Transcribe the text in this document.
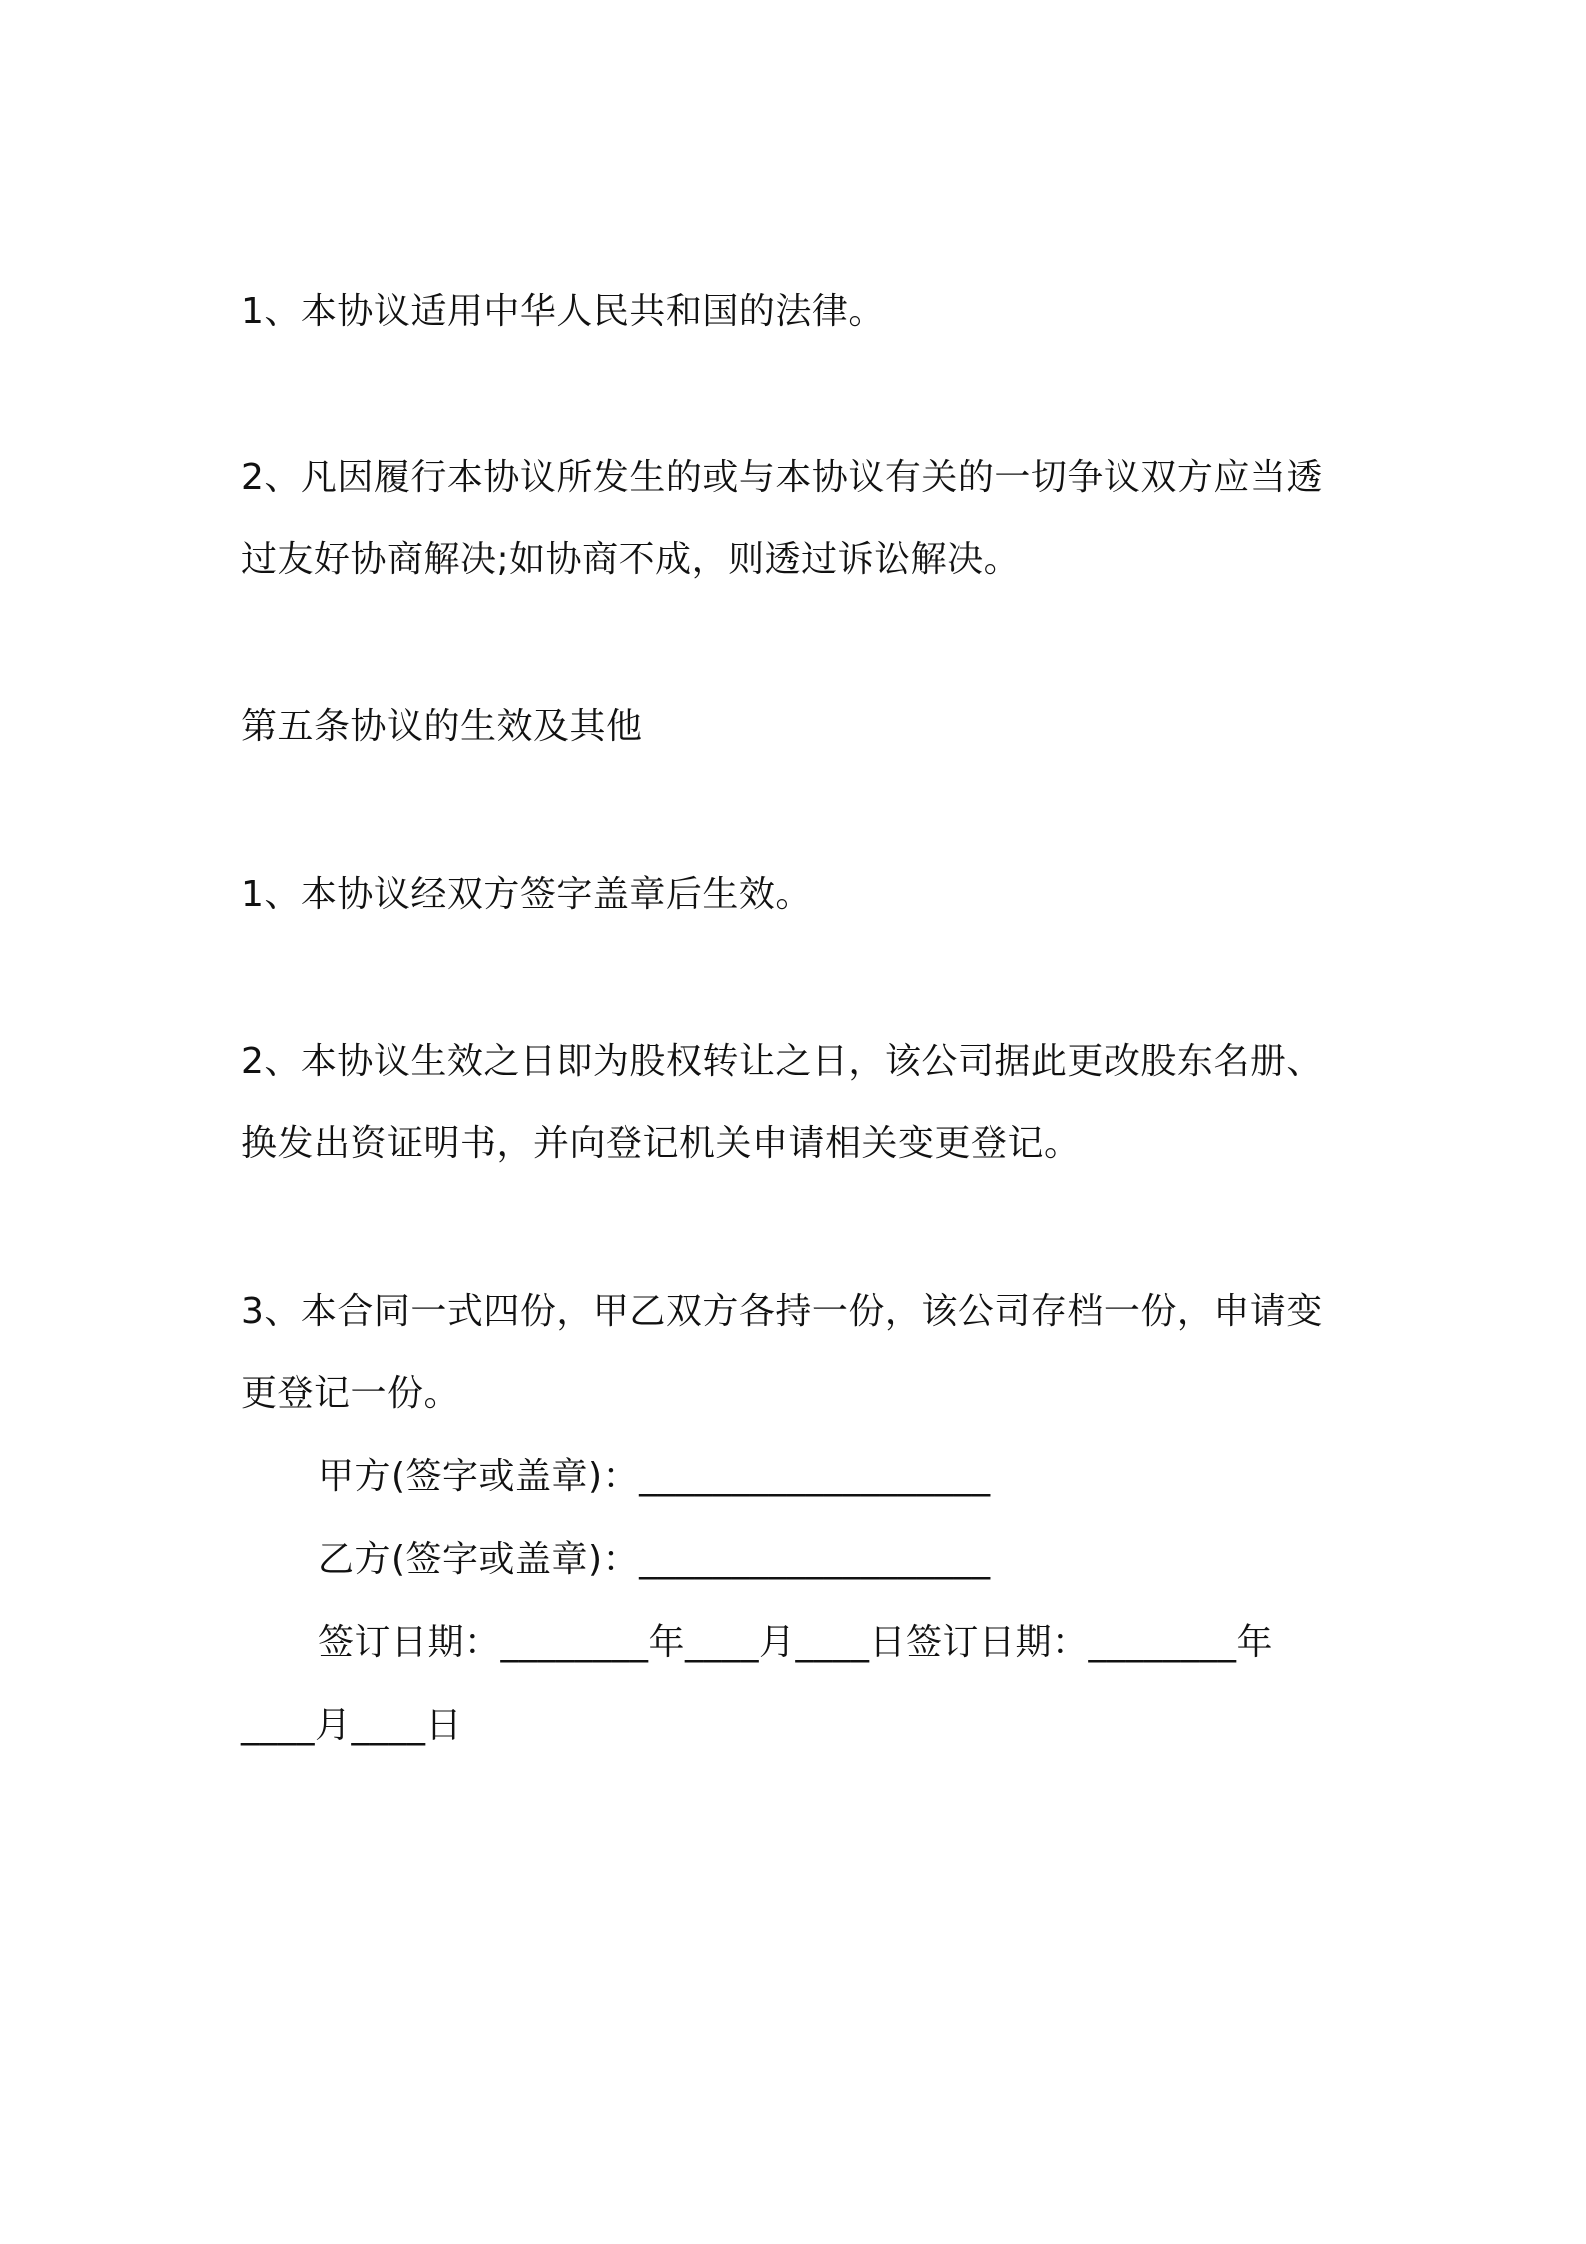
1、本协议适用中华人民共和国的法律。
2、凡因履行本协议所发生的或与本协议有关的一切争议双方应当透
过友好协商解决;如协商不成，则透过诉讼解决。
第五条协议的生效及其他
1、本协议经双方签字盖章后生效。
2、本协议生效之日即为股权转让之日，该公司据此更改股东名册、
换发出资证明书，并向登记机关申请相关变更登记。
3、本合同一式四份，甲乙双方各持一份，该公司存档一份，申请变
更登记一份。
甲方(签字或盖章)：___________________
乙方(签字或盖章)：___________________
签订日期：________年____月____日签订日期：________年
____月____日
